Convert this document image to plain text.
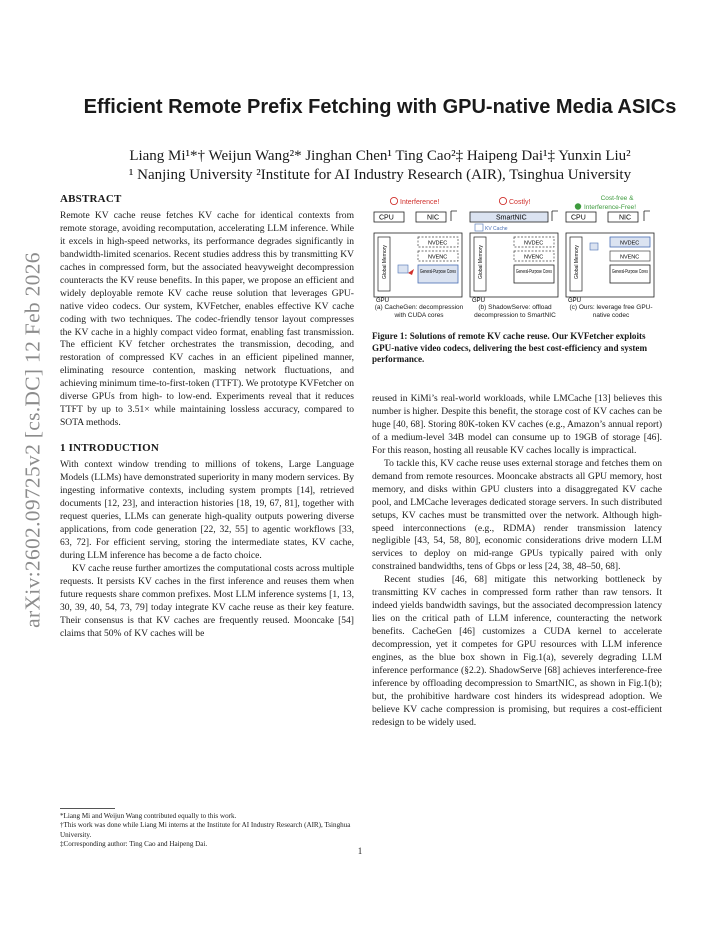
arXiv:2602.09725v2 [cs.DC] 12 Feb 2026
Efficient Remote Prefix Fetching with GPU-native Media ASICs
Liang Mi¹*† Weijun Wang²* Jinghan Chen¹ Ting Cao²‡ Haipeng Dai¹‡ Yunxin Liu²
¹ Nanjing University ²Institute for AI Industry Research (AIR), Tsinghua University

ABSTRACT

Remote KV cache reuse fetches KV cache for identical contexts from remote storage, avoiding recomputation, accelerating LLM inference. While it excels in high-speed networks, its performance degrades significantly in bandwidth-limited scenarios. Recent studies address this by transmitting KV caches in compressed form, but the associated heavyweight decompression counteracts the KV reuse benefits. In this paper, we propose an efficient and widely deployable remote KV cache reuse solution that leverages GPU-native video codecs. Our system, KVFetcher, enables effective KV cache coding with two techniques. The codec-friendly tensor layout compresses the KV cache in a highly compact video format, enabling fast transmission. The efficient KV fetcher orchestrates the transmission, decoding, and restoration of compressed KV caches in an efficient pipelined manner, eliminating resource contention, masking network fluctuations, and achieving minimum time-to-first-token (TTFT). We prototype KVFetcher on diverse GPUs from high- to low-end. Experiments reveal that it reduces TTFT by up to 3.51× while maintaining lossless accuracy, compared to SOTA methods.

1 INTRODUCTION

With context window trending to millions of tokens, Large Language Models (LLMs) have demonstrated superiority in many modern services. By ingesting informative contexts, including system prompts [14], retrieved documents [12, 23], and interaction histories [18, 19, 67, 81], together with request queries, LLMs can generate high-quality outputs powering diverse applications, from code generation [22, 32, 55] to agentic workflows [33, 63, 72]. For efficient serving, storing the intermediate states, KV cache, during LLM inference has become a de facto choice.

KV cache reuse further amortizes the computational costs across multiple requests. It persists KV caches in the first inference and reuses them when future requests share common prefixes. Most LLM inference systems [1, 13, 30, 39, 40, 54, 73, 79] today integrate KV cache reuse as their key feature. Their consensus is that KV caches are frequently reused. Mooncake [54] claims that 50% of KV caches will be

*Liang Mi and Weijun Wang contributed equally to this work.
†This work was done while Liang Mi interns at the Institute for AI Industry Research (AIR), Tsinghua University.
‡Corresponding author: Ting Cao and Haipeng Dai.
Interference!
CPU	NIC
Global Memory
NVDEC
NVENC
General-Purpose Cores
GPU
Costly!
SmartNIC
KV Cache
Global Memory
NVDEC
NVENC
General-Purpose Cores
GPU
Cost-free &
Interference-Free!
CPU	NIC
Global Memory
NVDEC
NVENC
General-Purpose Cores
GPU
(a) CacheGen: decompression with CUDA cores
(b) ShadowServe: offload decompression to SmartNIC
(c) Ours: leverage free GPU-native codec
Figure 1: Solutions of remote KV cache reuse. Our KVFetcher exploits GPU-native video codecs, delivering the best cost-efficiency and system performance.

reused in KiMi’s real-world workloads, while LMCache [13] believes this number is higher. Despite this benefit, the storage cost of KV caches can be huge [40, 68]. Storing 80K-token KV caches (e.g., Amazon’s annual report) of a medium-level 34B model can consume up to 19GB of storage [46]. For this reason, hosting all reusable KV caches locally is impractical.

To tackle this, KV cache reuse uses external storage and fetches them on demand from remote resources. Mooncake abstracts all GPU memory, host memory, and disks within GPU clusters into a disaggregated KV cache pool, and LMCache leverages dedicated storage servers. In such distributed setups, KV caches must be transmitted over the network. Although high-speed interconnections (e.g., RDMA) render transmission latency negligible [43, 54, 58, 80], economic considerations drive modern LLM services to deploy on mid-range GPUs typically paired with only constrained bandwidths, tens of Gbps or less [24, 38, 48–50, 68].

Recent studies [46, 68] mitigate this networking bottleneck by transmitting KV caches in compressed form rather than raw tensors. It indeed yields bandwidth savings, but the associated decompression latency lies on the critical path of LLM inference, counteracting the network benefits. CacheGen [46] customizes a CUDA kernel to accelerate decompression, yet it competes for GPU resources with LLM inference engines, as the blue box shown in Fig.1(a), severely degrading LLM inference performance (§2.2). ShadowServe [68] achieves interference-free inference by offloading decompression to SmartNIC, as shown in Fig.1(b); but, the prohibitive hardware cost hinders its widespread adoption. We believe KV cache compression is promising, but requires a cost-efficient redesign to be widely used.

1
